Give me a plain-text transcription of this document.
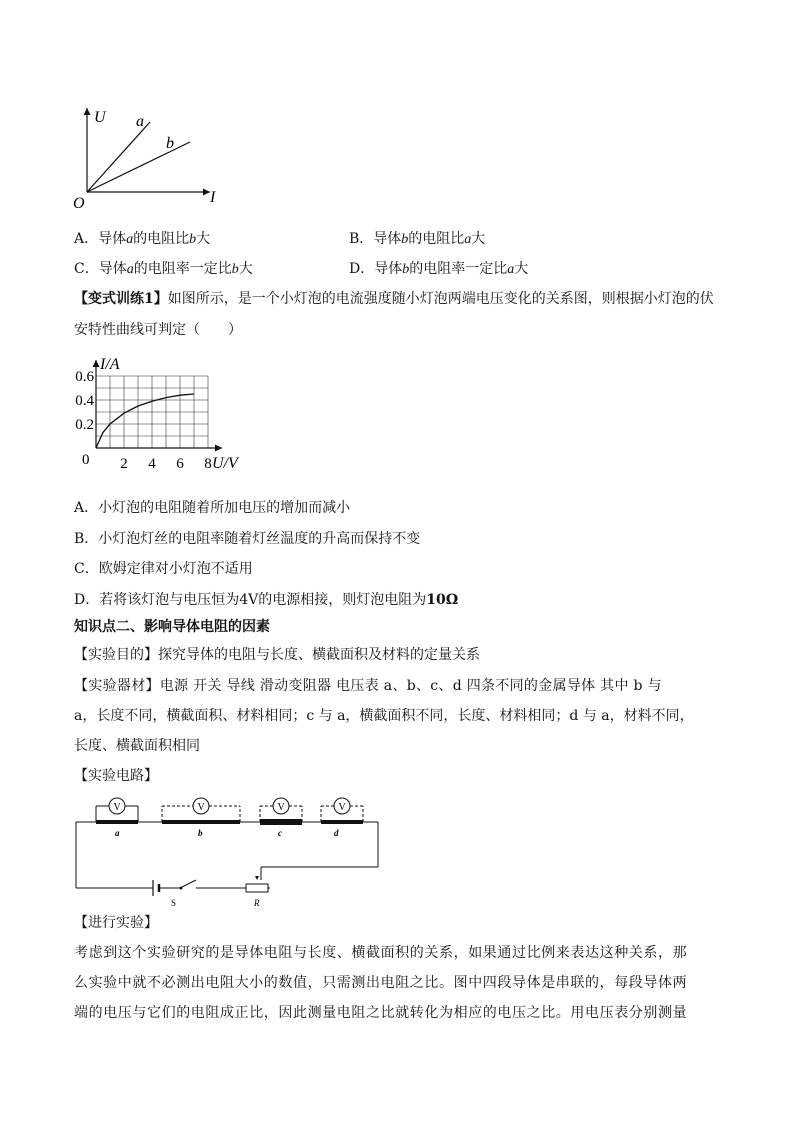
U
I
O
a
b
A．导体a的电阻比b大	B．导体b的电阻比a大
C．导体a的电阻率一定比b大	D．导体b的电阻率一定比a大
【变式训练1】如图所示，是一个小灯泡的电流强度随小灯泡两端电压变化的关系图，则根据小灯泡的伏
安特性曲线可判定（　　）
I/A
U/V
0 2 4 6 8
0.6
0.4
0.2
A．小灯泡的电阻随着所加电压的增加而减小
B．小灯泡灯丝的电阻率随着灯丝温度的升高而保持不变
C．欧姆定律对小灯泡不适用
D．若将该灯泡与电压恒为4V的电源相接，则灯泡电阻为10Ω
知识点二、影响导体电阻的因素
【实验目的】探究导体的电阻与长度、横截面积及材料的定量关系
【实验器材】电源 开关 导线 滑动变阻器 电压表 a、b、c、d 四条不同的金属导体 其中 b 与
a，长度不同，横截面积、材料相同；c 与 a，横截面积不同，长度、材料相同；d 与 a，材料不同，
长度、横截面积相同
【实验电路】
S	R
V	V	V	V
a	b	c	d
【进行实验】
考虑到这个实验研究的是导体电阻与长度、横截面积的关系，如果通过比例来表达这种关系，那
么实验中就不必测出电阻大小的数值，只需测出电阻之比。图中四段导体是串联的，每段导体两
端的电压与它们的电阻成正比，因此测量电阻之比就转化为相应的电压之比。用电压表分别测量
